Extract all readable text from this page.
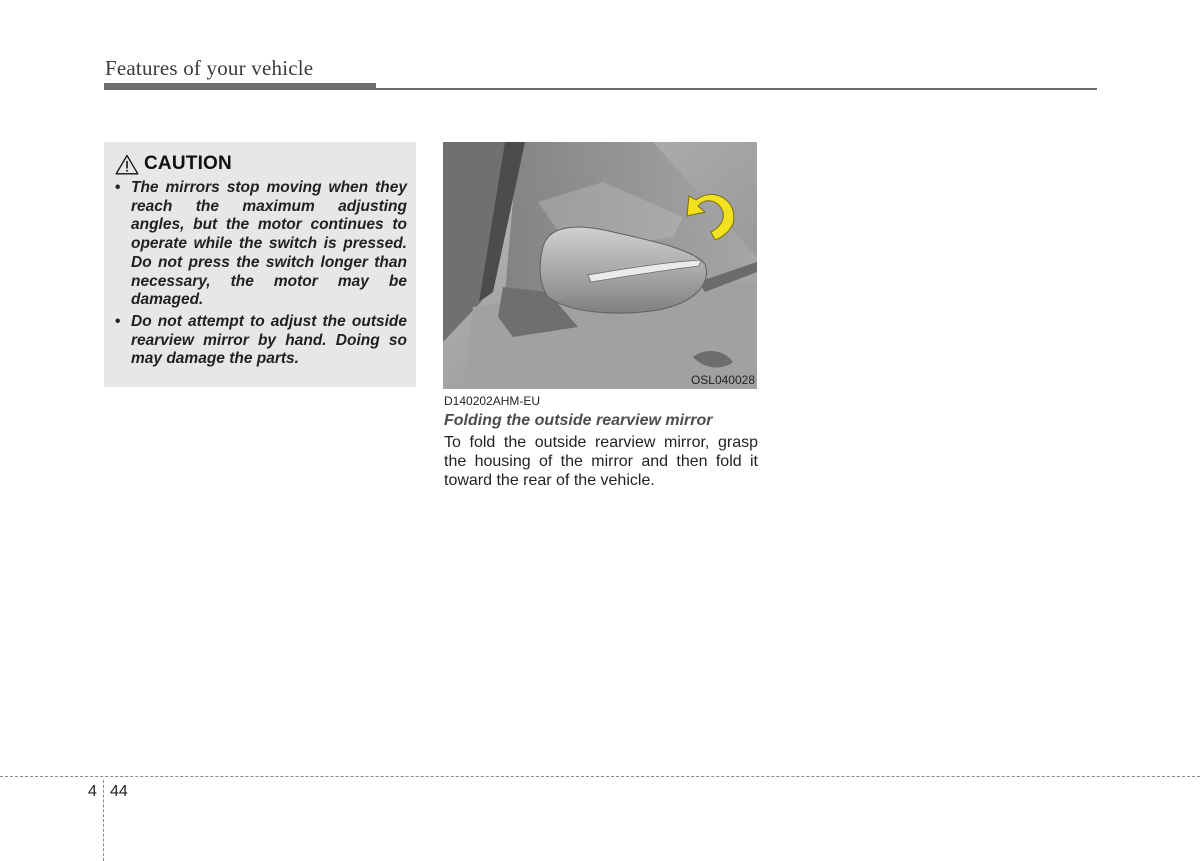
Features of your vehicle
CAUTION
• The mirrors stop moving when they reach the maximum adjusting angles, but the motor continues to operate while the switch is pressed. Do not press the switch longer than necessary, the motor may be damaged.
• Do not attempt to adjust the outside rearview mirror by hand. Doing so may damage the parts.
OSL040028
D140202AHM-EU
Folding the outside rearview mirror

To fold the outside rearview mirror, grasp the housing of the mirror and then fold it toward the rear of the vehicle.

4 44
